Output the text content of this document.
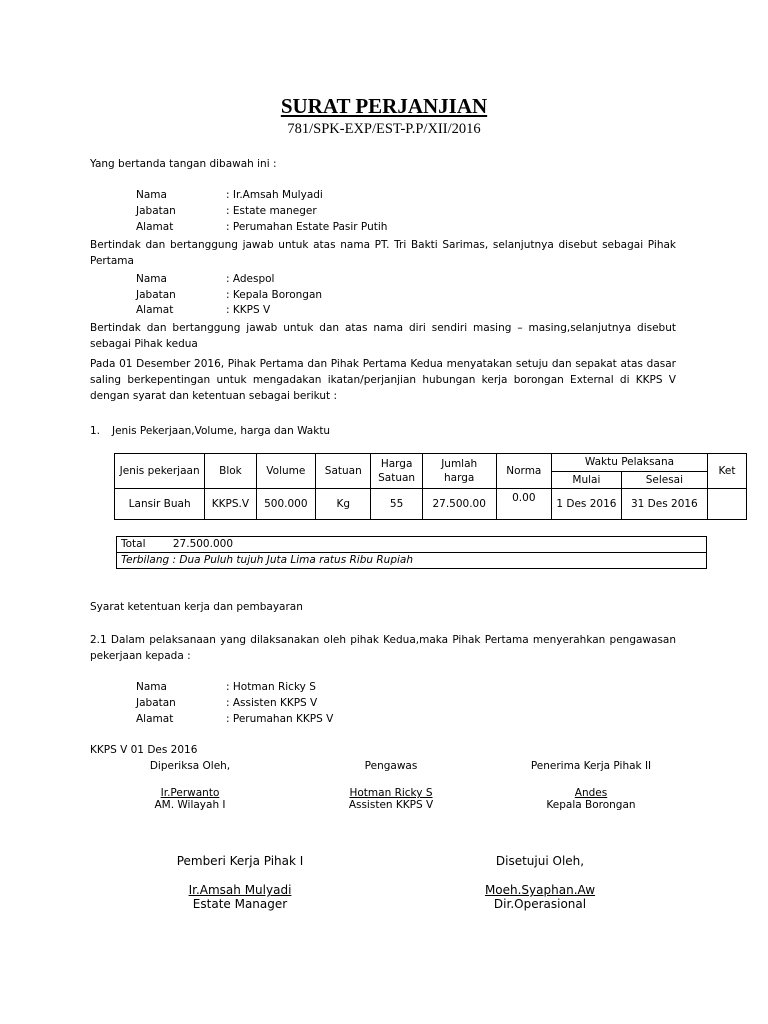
SURAT PERJANJIAN
781/SPK-EXP/EST-P.P/XII/2016
Yang bertanda tangan dibawah ini :
Nama	: Ir.Amsah Mulyadi
Jabatan	: Estate maneger
Alamat	: Perumahan Estate Pasir Putih
Bertindak dan bertanggung jawab untuk atas nama PT. Tri Bakti Sarimas, selanjutnya disebut sebagai Pihak Pertama
Nama	: Adespol
Jabatan	: Kepala Borongan
Alamat	: KKPS V
Bertindak dan bertanggung jawab untuk dan atas nama diri sendiri masing – masing,selanjutnya disebut sebagai Pihak kedua
Pada 01 Desember 2016, Pihak Pertama dan Pihak Pertama Kedua menyatakan setuju dan sepakat atas dasar saling berkepentingan untuk mengadakan ikatan/perjanjian hubungan kerja borongan External di KKPS V dengan syarat dan ketentuan sebagai berikut :
1. Jenis Pekerjaan,Volume, harga dan Waktu
Jenis pekerjaan	Blok	Volume	Satuan	Harga Satuan	Jumlah harga	Norma	Waktu Pelaksana		Ket
							Mulai	Selesai	
Lansir Buah	KKPS.V	500.000	Kg	55	27.500.00	0.00	1 Des 2016	31 Des 2016	
Total	27.500.000
Terbilang : Dua Puluh tujuh Juta Lima ratus Ribu Rupiah
Syarat ketentuan kerja dan pembayaran
2.1 Dalam pelaksanaan yang dilaksanakan oleh pihak Kedua,maka Pihak Pertama menyerahkan pengawasan pekerjaan kepada :
Nama	: Hotman Ricky S
Jabatan	: Assisten KKPS V
Alamat	: Perumahan KKPS V
KKPS V 01 Des 2016
Diperiksa Oleh,
Ir.Perwanto
AM. Wilayah I
Pengawas
Hotman Ricky S
Assisten KKPS V
Penerima Kerja Pihak II
Andes
Kepala Borongan
Pemberi Kerja Pihak I
Ir.Amsah Mulyadi
Estate Manager
Disetujui Oleh,
Moeh.Syaphan.Aw
Dir.Operasional
